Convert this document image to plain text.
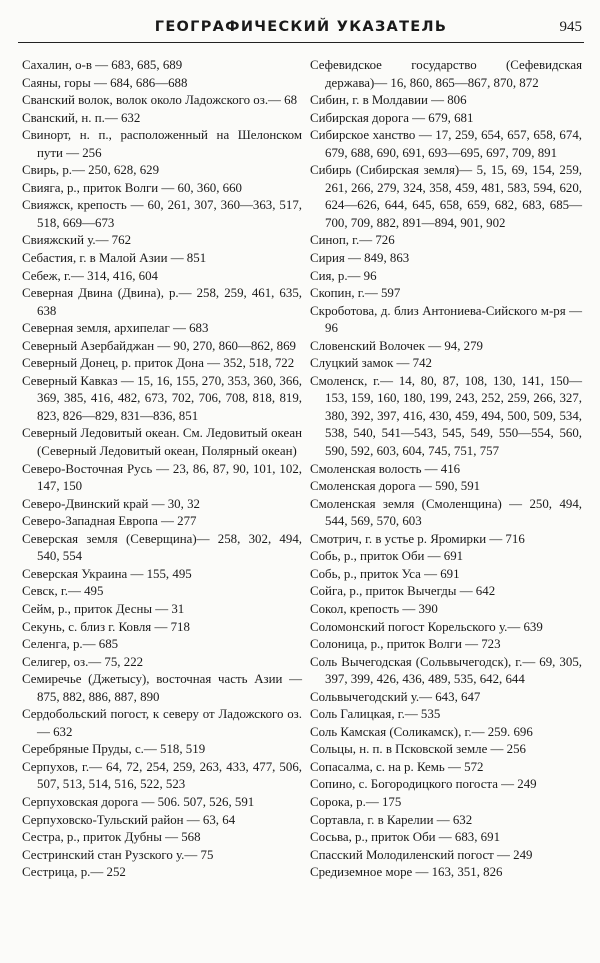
ГЕОГРАФИЧЕСКИЙ УКАЗАТЕЛЬ	945

Сахалин, о-в — 683, 685, 689

Саяны, горы — 684, 686—688

Сванский волок, волок около Ладожского оз.— 68

Сванский, н. п.— 632

Свинорт, н. п., расположенный на Шелонском пути — 256

Свирь, р.— 250, 628, 629

Свияга, р., приток Волги — 60, 360, 660

Свияжск, крепость — 60, 261, 307, 360—363, 517, 518, 669—673

Свияжский у.— 762

Себастия, г. в Малой Азии — 851

Себеж, г.— 314, 416, 604

Северная Двина (Двина), р.— 258, 259, 461, 635, 638

Северная земля, архипелаг — 683

Северный Азербайджан — 90, 270, 860—862, 869

Северный Донец, р. приток Дона — 352, 518, 722

Северный Кавказ — 15, 16, 155, 270, 353, 360, 366, 369, 385, 416, 482, 673, 702, 706, 708, 818, 819, 823, 826—829, 831—836, 851

Северный Ледовитый океан. См. Ледовитый океан (Северный Ледовитый океан, Полярный океан)

Северо-Восточная Русь — 23, 86, 87, 90, 101, 102, 147, 150

Северо-Двинский край — 30, 32

Северо-Западная Европа — 277

Северская земля (Северщина)— 258, 302, 494, 540, 554

Северская Украина — 155, 495

Севск, г.— 495

Сейм, р., приток Десны — 31

Секунь, с. близ г. Ковля — 718

Селенга, р.— 685

Селигер, оз.— 75, 222

Семиречье (Джетысу), восточная часть Азии — 875, 882, 886, 887, 890

Сердобольский погост, к северу от Ладожского оз.— 632

Серебряные Пруды, с.— 518, 519

Серпухов, г.— 64, 72, 254, 259, 263, 433, 477, 506, 507, 513, 514, 516, 522, 523

Серпуховская дорога — 506. 507, 526, 591

Серпуховско-Тульский район — 63, 64

Сестра, р., приток Дубны — 568

Сестринский стан Рузского у.— 75

Сестрица, р.— 252

Сефевидское государство (Сефевидская держава)— 16, 860, 865—867, 870, 872

Сибин, г. в Молдавии — 806

Сибирская дорога — 679, 681

Сибирское ханство — 17, 259, 654, 657, 658, 674, 679, 688, 690, 691, 693—695, 697, 709, 891

Сибирь (Сибирская земля)— 5, 15, 69, 154, 259, 261, 266, 279, 324, 358, 459, 481, 583, 594, 620, 624—626, 644, 645, 658, 659, 682, 683, 685—700, 709, 882, 891—894, 901, 902

Синоп, г.— 726

Сирия — 849, 863

Сия, р.— 96

Скопин, г.— 597

Скроботова, д. близ Антониева-Сийского м-ря — 96

Словенский Волочек — 94, 279

Слуцкий замок — 742

Смоленск, г.— 14, 80, 87, 108, 130, 141, 150—153, 159, 160, 180, 199, 243, 252, 259, 266, 327, 380, 392, 397, 416, 430, 459, 494, 500, 509, 534, 538, 540, 541—543, 545, 549, 550—554, 560, 590, 592, 603, 604, 745, 751, 757

Смоленская волость — 416

Смоленская дорога — 590, 591

Смоленская земля (Смоленщина) — 250, 494, 544, 569, 570, 603

Смотрич, г. в устье р. Яромирки — 716

Собь, р., приток Оби — 691

Собь, р., приток Уса — 691

Сойга, р., приток Вычегды — 642

Сокол, крепость — 390

Соломонский погост Корельского у.— 639

Солоница, р., приток Волги — 723

Соль Вычегодская (Сольвычегодск), г.— 69, 305, 397, 399, 426, 436, 489, 535, 642, 644

Сольвычегодский у.— 643, 647

Соль Галицкая, г.— 535

Соль Камская (Соликамск), г.— 259. 696

Сольцы, н. п. в Псковской земле — 256

Сопасалма, с. на р. Кемь — 572

Сопино, с. Богородицкого погоста — 249

Сорока, р.— 175

Сортавла, г. в Карелии — 632

Сосьва, р., приток Оби — 683, 691

Спасский Молодиленский погост — 249

Средиземное море — 163, 351, 826
